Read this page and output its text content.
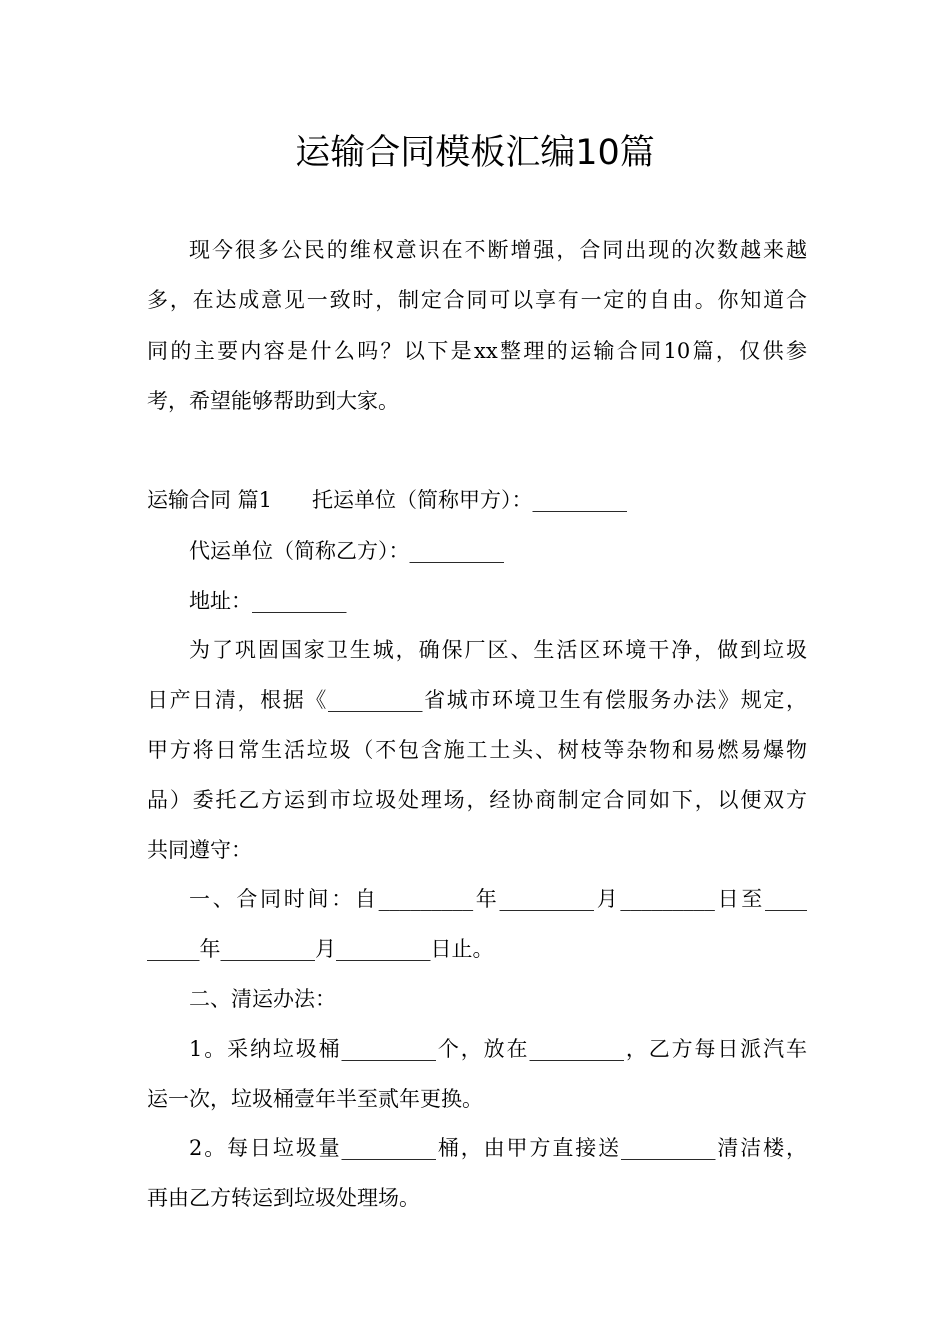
运输合同模板汇编10篇
现今很多公民的维权意识在不断增强，合同出现的次数越来越
多，在达成意见一致时，制定合同可以享有一定的自由。你知道合
同的主要内容是什么吗？以下是xx整理的运输合同10篇，仅供参
考，希望能够帮助到大家。
运输合同 篇1 托运单位（简称甲方）：_________
代运单位（简称乙方）：_________
地址：_________
为了巩固国家卫生城，确保厂区、生活区环境干净，做到垃圾
日产日清，根据《_________省城市环境卫生有偿服务办法》规定，
甲方将日常生活垃圾（不包含施工土头、树枝等杂物和易燃易爆物
品）委托乙方运到市垃圾处理场，经协商制定合同如下，以便双方
共同遵守：
一、合同时间：自_________年_________月_________日至____
_____年_________月_________日止。
二、清运办法：
1。采纳垃圾桶_________个，放在_________，乙方每日派汽车
运一次，垃圾桶壹年半至贰年更换。
2。每日垃圾量_________桶，由甲方直接送_________清洁楼，
再由乙方转运到垃圾处理场。
